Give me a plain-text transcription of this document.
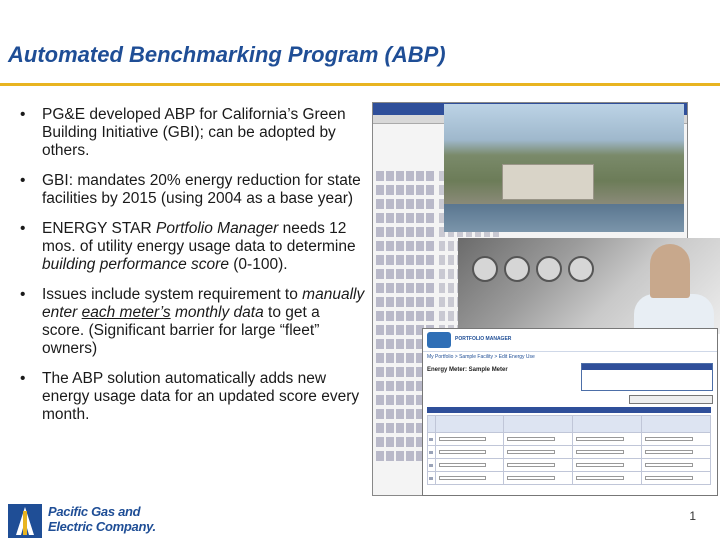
Automated Benchmarking Program (ABP)
• PG&E developed ABP for California’s Green Building Initiative (GBI); can be adopted by others.
• GBI: mandates 20% energy reduction for state facilities by 2015 (using 2004 as a base year)
• ENERGY STAR Portfolio Manager needs 12 mos. of utility energy usage data to determine building performance score (0-100).
• Issues include system requirement to manually enter each meter’s monthly data to get a score. (Significant barrier for large “fleet” owners)
• The ABP solution automatically adds new energy usage data for an updated score every month.
PORTFOLIO MANAGER
My Portfolio > Sample Facility > Edit Energy Use
Energy Meter: Sample Meter

Pacific Gas and
Electric Company.
1
